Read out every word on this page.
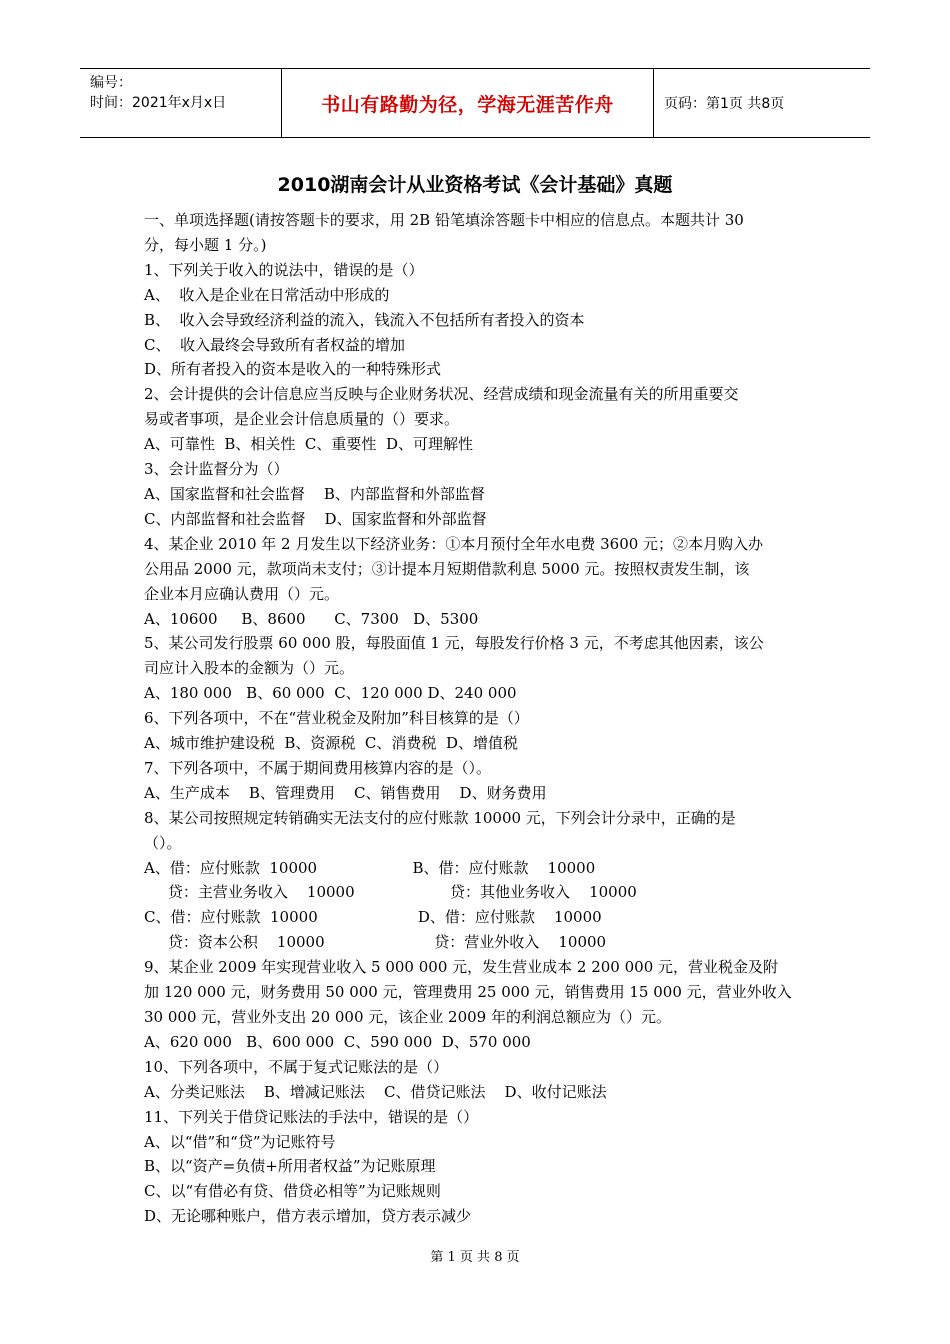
编号：
时间：2021年x月x日	书山有路勤为径，学海无涯苦作舟	页码：第1页 共8页
2010湖南会计从业资格考试《会计基础》真题
一、单项选择题(请按答题卡的要求，用 2B 铅笔填涂答题卡中相应的信息点。本题共计 30
分，每小题 1 分。)
1、下列关于收入的说法中，错误的是（）
A、  收入是企业在日常活动中形成的
B、  收入会导致经济利益的流入，钱流入不包括所有者投入的资本
C、  收入最终会导致所有者权益的增加
D、所有者投入的资本是收入的一种特殊形式
2、会计提供的会计信息应当反映与企业财务状况、经营成绩和现金流量有关的所用重要交
易或者事项，是企业会计信息质量的（）要求。
A、可靠性  B、相关性  C、重要性  D、可理解性
3、会计监督分为（）
A、国家监督和社会监督    B、内部监督和外部监督
C、内部监督和社会监督    D、国家监督和外部监督
4、某企业 2010 年 2 月发生以下经济业务：①本月预付全年水电费 3600 元；②本月购入办
公用品 2000 元，款项尚未支付；③计提本月短期借款利息 5000 元。按照权责发生制，该
企业本月应确认费用（）元。
A、10600     B、8600      C、7300   D、5300
5、某公司发行股票 60 000 股，每股面值 1 元，每股发行价格 3 元，不考虑其他因素，该公
司应计入股本的金额为（）元。
A、180 000   B、60 000  C、120 000 D、240 000
6、下列各项中，不在“营业税金及附加”科目核算的是（）
A、城市维护建设税  B、资源税  C、消费税  D、增值税
7、下列各项中，不属于期间费用核算内容的是（）。
A、生产成本    B、管理费用    C、销售费用    D、财务费用
8、某公司按照规定转销确实无法支付的应付账款 10000 元，下列会计分录中，正确的是
（）。
A、借：应付账款  10000                    B、借：应付账款    10000
贷：主营业务收入    10000                    贷：其他业务收入    10000
C、借：应付账款  10000                     D、借：应付账款    10000
贷：资本公积    10000                       贷：营业外收入    10000
9、某企业 2009 年实现营业收入 5 000 000 元，发生营业成本 2 200 000 元，营业税金及附
加 120 000 元，财务费用 50 000 元，管理费用 25 000 元，销售费用 15 000 元，营业外收入
30 000 元，营业外支出 20 000 元，该企业 2009 年的利润总额应为（）元。
A、620 000   B、600 000  C、590 000  D、570 000
10、下列各项中，不属于复式记账法的是（）
A、分类记账法    B、增减记账法    C、借贷记账法    D、收付记账法
11、下列关于借贷记账法的手法中，错误的是（）
A、以“借”和“贷”为记账符号
B、以“资产=负债+所用者权益”为记账原理
C、以“有借必有贷、借贷必相等”为记账规则
D、无论哪种账户，借方表示增加，贷方表示减少
第 1 页 共 8 页
